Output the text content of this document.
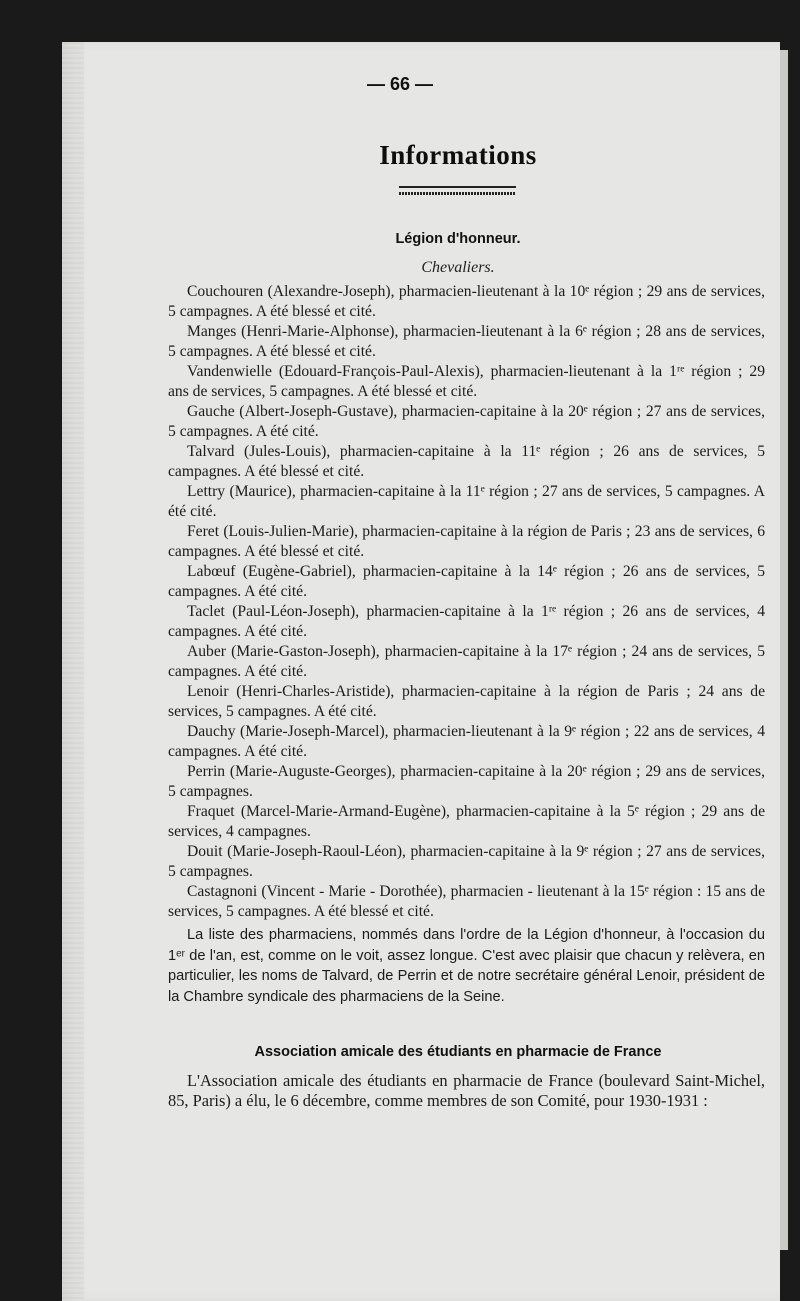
— 66 —
Informations
Légion d'honneur.
Chevaliers.

Couchouren (Alexandre-Joseph), pharmacien-lieutenant à la 10ᵉ région ; 29 ans de services, 5 campagnes. A été blessé et cité.

Manges (Henri-Marie-Alphonse), pharmacien-lieutenant à la 6ᵉ région ; 28 ans de services, 5 campagnes. A été blessé et cité.

Vandenwielle (Edouard-François-Paul-Alexis), pharmacien-lieutenant à la 1ʳᵉ région ; 29 ans de services, 5 campagnes. A été blessé et cité.

Gauche (Albert-Joseph-Gustave), pharmacien-capitaine à la 20ᵉ région ; 27 ans de services, 5 campagnes. A été cité.

Talvard (Jules-Louis), pharmacien-capitaine à la 11ᵉ région ; 26 ans de services, 5 campagnes. A été blessé et cité.

Lettry (Maurice), pharmacien-capitaine à la 11ᵉ région ; 27 ans de services, 5 campagnes. A été cité.

Feret (Louis-Julien-Marie), pharmacien-capitaine à la région de Paris ; 23 ans de services, 6 campagnes. A été blessé et cité.

Labœuf (Eugène-Gabriel), pharmacien-capitaine à la 14ᵉ région ; 26 ans de services, 5 campagnes. A été cité.

Taclet (Paul-Léon-Joseph), pharmacien-capitaine à la 1ʳᵉ région ; 26 ans de services, 4 campagnes. A été cité.

Auber (Marie-Gaston-Joseph), pharmacien-capitaine à la 17ᵉ région ; 24 ans de services, 5 campagnes. A été cité.

Lenoir (Henri-Charles-Aristide), pharmacien-capitaine à la région de Paris ; 24 ans de services, 5 campagnes. A été cité.

Dauchy (Marie-Joseph-Marcel), pharmacien-lieutenant à la 9ᵉ région ; 22 ans de services, 4 campagnes. A été cité.

Perrin (Marie-Auguste-Georges), pharmacien-capitaine à la 20ᵉ région ; 29 ans de services, 5 campagnes.

Fraquet (Marcel-Marie-Armand-Eugène), pharmacien-capitaine à la 5ᵉ région ; 29 ans de services, 4 campagnes.

Douit (Marie-Joseph-Raoul-Léon), pharmacien-capitaine à la 9ᵉ région ; 27 ans de services, 5 campagnes.

Castagnoni (Vincent - Marie - Dorothée), pharmacien - lieutenant à la 15ᵉ région : 15 ans de services, 5 campagnes. A été blessé et cité.

La liste des pharmaciens, nommés dans l'ordre de la Légion d'honneur, à l'occasion du 1ᵉʳ de l'an, est, comme on le voit, assez longue. C'est avec plaisir que chacun y relèvera, en particulier, les noms de Talvard, de Perrin et de notre secrétaire général Lenoir, président de la Chambre syndicale des pharmaciens de la Seine.

Association amicale des étudiants en pharmacie de France

L'Association amicale des étudiants en pharmacie de France (boulevard Saint-Michel, 85, Paris) a élu, le 6 décembre, comme membres de son Comité, pour 1930-1931 :
